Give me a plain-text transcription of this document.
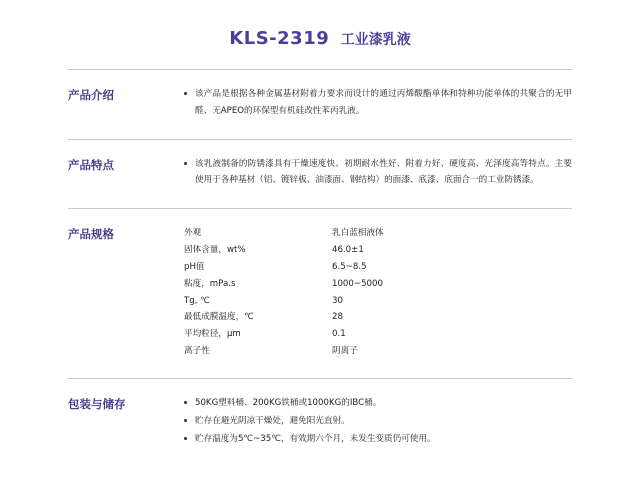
KLS-2319 工业漆乳液
产品介绍	该产品是根据各种金属基材附着力要求而设计的通过丙烯酸酯单体和特种功能单体的共聚合的无甲醛、无APEO的环保型有机硅改性苯丙乳液。
产品特点	该乳液制备的防锈漆具有干燥速度快、初期耐水性好、附着力好、硬度高、光泽度高等特点。主要使用于各种基材（铝、镀锌板、油漆面、钢结构）的面漆、底漆、底面合一的工业防锈漆。
产品规格	外观	乳白蓝相液体
固体含量，wt%	46.0±1
pH值	6.5~8.5
粘度，mPa.s	1000~5000
Tg, ℃	30
最低成膜温度，℃	28
平均粒径，μm	0.1
离子性	阴离子
包装与储存	50KG塑料桶、200KG铁桶或1000KG的IBC桶。
贮存在避光阴凉干燥处，避免阳光直射。
贮存温度为5℃~35℃，有效期六个月，未发生变质仍可使用。
